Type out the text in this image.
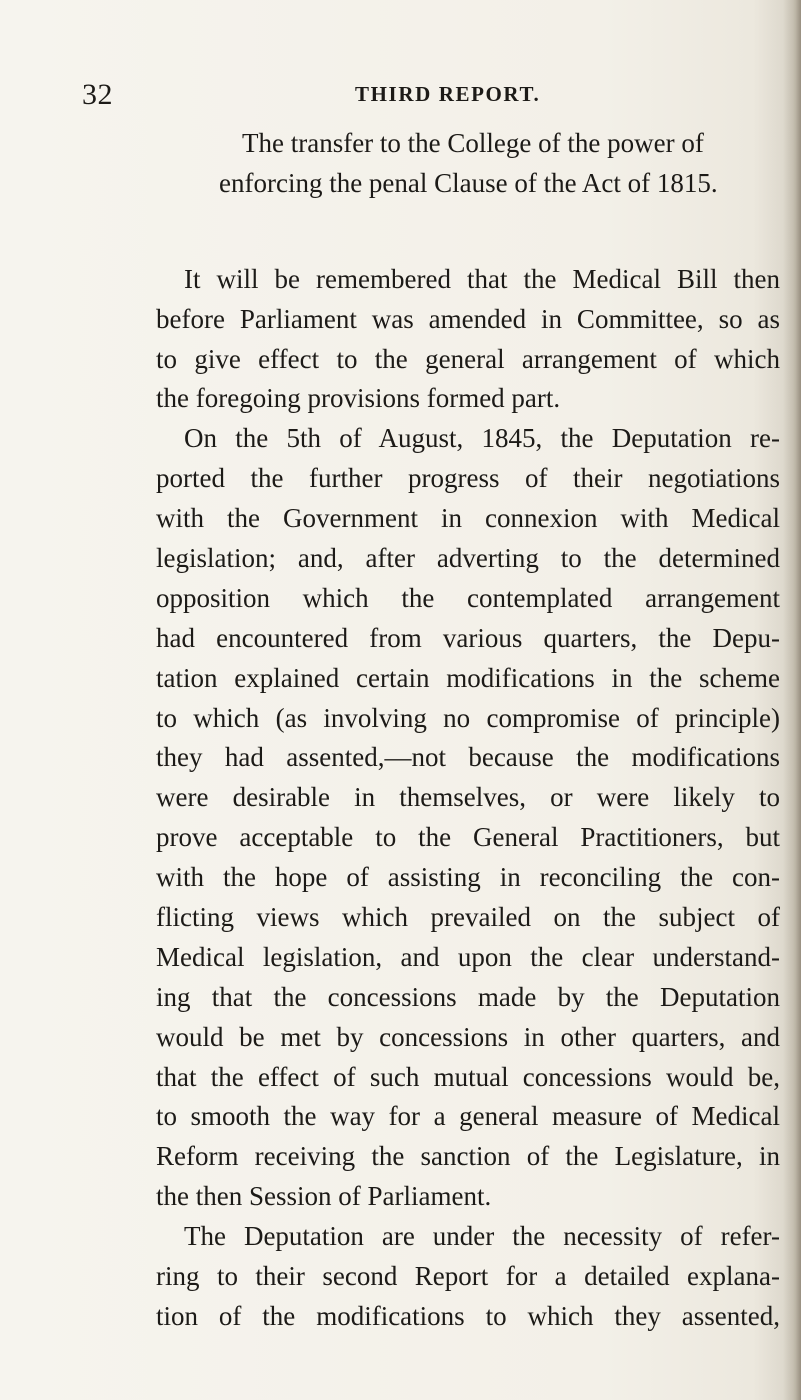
32	THIRD REPORT.
The transfer to the College of the power of
enforcing the penal Clause of the Act of 1815.
It will be remembered that the Medical Bill then
before Parliament was amended in Committee, so as
to give effect to the general arrangement of which
the foregoing provisions formed part.
On the 5th of August, 1845, the Deputation re-
ported the further progress of their negotiations
with the Government in connexion with Medical
legislation; and, after adverting to the determined
opposition which the contemplated arrangement
had encountered from various quarters, the Depu-
tation explained certain modifications in the scheme
to which (as involving no compromise of principle)
they had assented,—not because the modifications
were desirable in themselves, or were likely to
prove acceptable to the General Practitioners, but
with the hope of assisting in reconciling the con-
flicting views which prevailed on the subject of
Medical legislation, and upon the clear understand-
ing that the concessions made by the Deputation
would be met by concessions in other quarters, and
that the effect of such mutual concessions would be,
to smooth the way for a general measure of Medical
Reform receiving the sanction of the Legislature, in
the then Session of Parliament.
The Deputation are under the necessity of refer-
ring to their second Report for a detailed explana-
tion of the modifications to which they assented,
